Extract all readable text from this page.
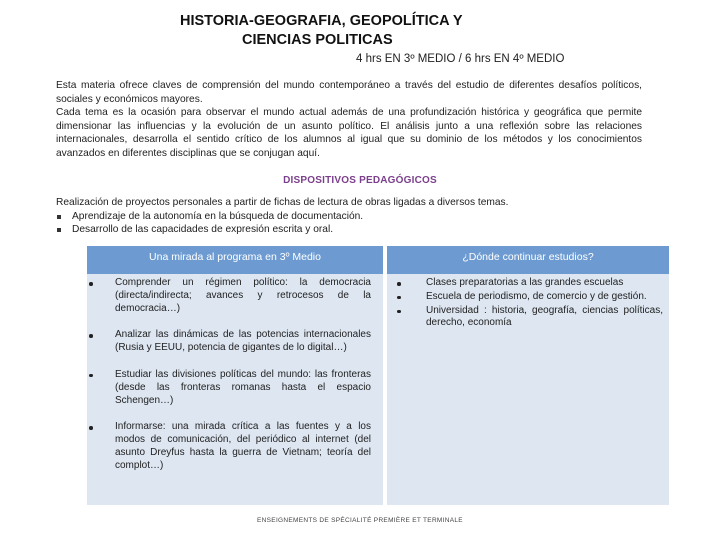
HISTORIA-GEOGRAFIA, GEOPOLÍTICA Y

CIENCIAS POLITICAS
4 hrs EN 3º MEDIO / 6 hrs EN 4º MEDIO

Esta materia ofrece claves de comprensión del mundo contemporáneo a través del estudio de diferentes desafíos políticos, sociales y económicos mayores.

Cada tema es la ocasión para observar el mundo actual además de una profundización histórica y geográfica que permite dimensionar las influencias y la evolución de un asunto político. El análisis junto a una reflexión sobre las relaciones internacionales, desarrolla el sentido crítico de los alumnos al igual que su dominio de los métodos y los conocimientos avanzados en diferentes disciplinas que se conjugan aquí.

DISPOSITIVOS PEDAGÓGICOS

Realización de proyectos personales a partir de fichas de lectura de obras ligadas a diversos temas.

Aprendizaje de la autonomía en la búsqueda de documentación.
Desarrollo de las capacidades de expresión escrita y oral.
Una mirada al programa en 3º Medio	¿Dónde continuar estudios?
Comprender un régimen político: la democracia (directa/indirecta; avances y retrocesos de la democracia…)
Analizar las dinámicas de las potencias internacionales (Rusia y EEUU, potencia de gigantes de lo digital…)
Estudiar las divisiones políticas del mundo: las fronteras (desde las fronteras romanas hasta el espacio Schengen…)
Informarse: una mirada crítica a las fuentes y a los modos de comunicación, del periódico al internet (del asunto Dreyfus hasta la guerra de Vietnam; teoría del complot…)
Clases preparatorias a las grandes escuelas
Escuela de periodismo, de comercio y de gestión.
Universidad : historia, geografía, ciencias políticas, derecho, economía
ENSEIGNEMENTS DE SPÉCIALITÉ PREMIÈRE ET TERMINALE
